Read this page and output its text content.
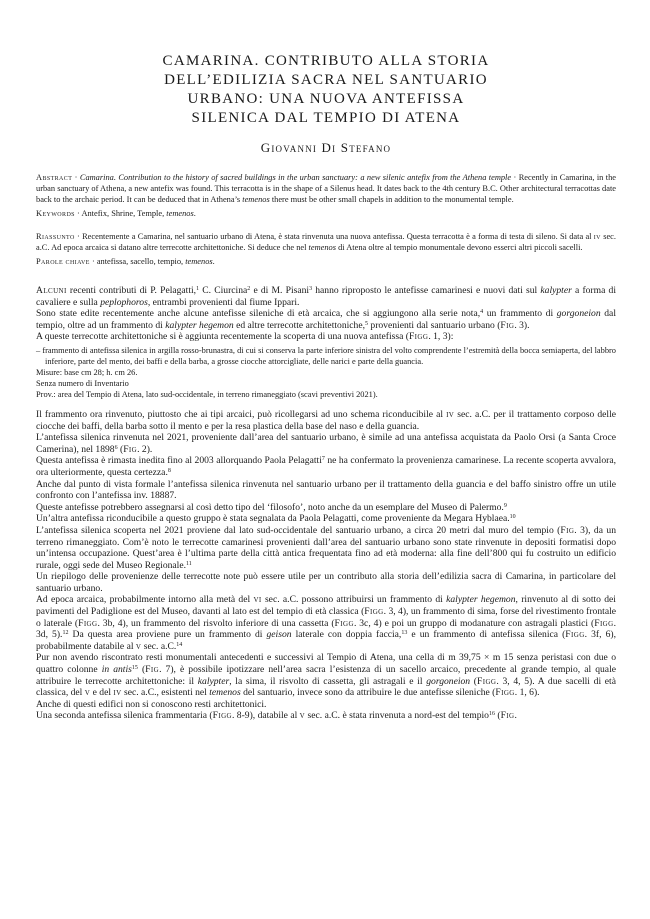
CAMARINA. CONTRIBUTO ALLA STORIA
DELL’EDILIZIA SACRA NEL SANTUARIO
URBANO: UNA NUOVA ANTEFISSA
SILENICA DAL TEMPIO DI ATENA
Giovanni Di Stefano

Abstract · Camarina. Contribution to the history of sacred buildings in the urban sanctuary: a new silenic antefix from the Athena temple · Recently in Camarina, in the urban sanctuary of Athena, a new antefix was found. This terracotta is in the shape of a Silenus head. It dates back to the 4th century B.C. Other architectural terracottas date back to the archaic period. It can be deduced that in Athena’s temenos there must be other small chapels in addition to the monumental temple.

Keywords · Antefix, Shrine, Temple, temenos.

Riassunto · Recentemente a Camarina, nel santuario urbano di Atena, è stata rinvenuta una nuova antefissa. Questa terracotta è a forma di testa di sileno. Si data al iv sec. a.C. Ad epoca arcaica si datano altre terrecotte architettoniche. Si deduce che nel temenos di Atena oltre al tempio monumentale devono esserci altri piccoli sacelli.

Parole chiave · antefissa, sacello, tempio, temenos.

Alcuni recenti contributi di P. Pelagatti,$^1$ C. Ciurcina$^2$ e di M. Pisani$^3$ hanno riproposto le antefisse camarinesi e nuovi dati sul kalypter a forma di cavaliere e sulla peplophoros, entrambi provenienti dal fiume Ippari.

Sono state edite recentemente anche alcune antefisse sileniche di età arcaica, che si aggiungono alla serie nota,$^4$ un frammento di gorgoneion dal tempio, oltre ad un frammento di kalypter hegemon ed altre terrecotte architettoniche,$^5$ provenienti dal santuario urbano (Fig. 3).

A queste terrecotte architettoniche si è aggiunta recentemente la scoperta di una nuova antefissa (Figg. 1, 3):

– frammento di antefissa silenica in argilla rosso-brunastra, di cui si conserva la parte inferiore sinistra del volto comprendente l’estremità della bocca semiaperta, del labbro inferiore, parte del mento, dei baffi e della barba, a grosse ciocche attorcigliate, delle narici e parte della guancia.

Misure: base cm 28; h. cm 26.

Senza numero di Inventario

Prov.: area del Tempio di Atena, lato sud-occidentale, in terreno rimaneggiato (scavi preventivi 2021).

Il frammento ora rinvenuto, piuttosto che ai tipi arcaici, può ricollegarsi ad uno schema riconducibile al iv sec. a.C. per il trattamento corposo delle ciocche dei baffi, della barba sotto il mento e per la resa plastica della base del naso e della guancia.

L’antefissa silenica rinvenuta nel 2021, proveniente dall’area del santuario urbano, è simile ad una antefissa acquistata da Paolo Orsi (a Santa Croce Camerina), nel 1898$^6$ (Fig. 2).

Questa antefissa è rimasta inedita fino al 2003 allorquando Paola Pelagatti$^7$ ne ha confermato la provenienza camarinese. La recente scoperta avvalora, ora ulteriormente, questa certezza.$^8$

Anche dal punto di vista formale l’antefissa silenica rinvenuta nel santuario urbano per il trattamento della guancia e del baffo sinistro offre un utile confronto con l’antefissa inv. 18887.

Queste antefisse potrebbero assegnarsi al così detto tipo del ‘filosofo’, noto anche da un esemplare del Museo di Palermo.$^9$

Un’altra antefissa riconducibile a questo gruppo è stata segnalata da Paola Pelagatti, come proveniente da Megara Hyblaea.$^{10}$

L’antefissa silenica scoperta nel 2021 proviene dal lato sud-occidentale del santuario urbano, a circa 20 metri dal muro del tempio (Fig. 3), da un terreno rimaneggiato. Com’è noto le terrecotte camarinesi provenienti dall’area del santuario urbano sono state rinvenute in depositi formatisi dopo un’intensa occupazione. Quest’area è l’ultima parte della città antica frequentata fino ad età moderna: alla fine dell’800 qui fu costruito un edificio rurale, oggi sede del Museo Regionale.$^{11}$

Un riepilogo delle provenienze delle terrecotte note può essere utile per un contributo alla storia dell’edilizia sacra di Camarina, in particolare del santuario urbano.

Ad epoca arcaica, probabilmente intorno alla metà del vi sec. a.C. possono attribuirsi un frammento di kalypter hegemon, rinvenuto al di sotto dei pavimenti del Padiglione est del Museo, davanti al lato est del tempio di età classica (Figg. 3, 4), un frammento di sima, forse del rivestimento frontale o laterale (Figg. 3b, 4), un frammento del risvolto inferiore di una cassetta (Figg. 3c, 4) e poi un gruppo di modanature con astragali plastici (Figg. 3d, 5).$^{12}$ Da questa area proviene pure un frammento di geison laterale con doppia faccia,$^{13}$ e un frammento di antefissa silenica (Figg. 3f, 6), probabilmente databile al v sec. a.C.$^{14}$

Pur non avendo riscontrato resti monumentali antecedenti e successivi al Tempio di Atena, una cella di m 39,75 × m 15 senza peristasi con due o quattro colonne in antis$^{15}$ (Fig. 7), è possibile ipotizzare nell’area sacra l’esistenza di un sacello arcaico, precedente al grande tempio, al quale attribuire le terrecotte architettoniche: il kalypter, la sima, il risvolto di cassetta, gli astragali e il gorgoneion (Figg. 3, 4, 5). A due sacelli di età classica, del v e del iv sec. a.C., esistenti nel temenos del santuario, invece sono da attribuire le due antefisse sileniche (Figg. 1, 6).

Anche di questi edifici non si conoscono resti architettonici.

Una seconda antefissa silenica frammentaria (Figg. 8-9), databile al v sec. a.C. è stata rinvenuta a nord-est del tempio$^{16}$ (Fig.
